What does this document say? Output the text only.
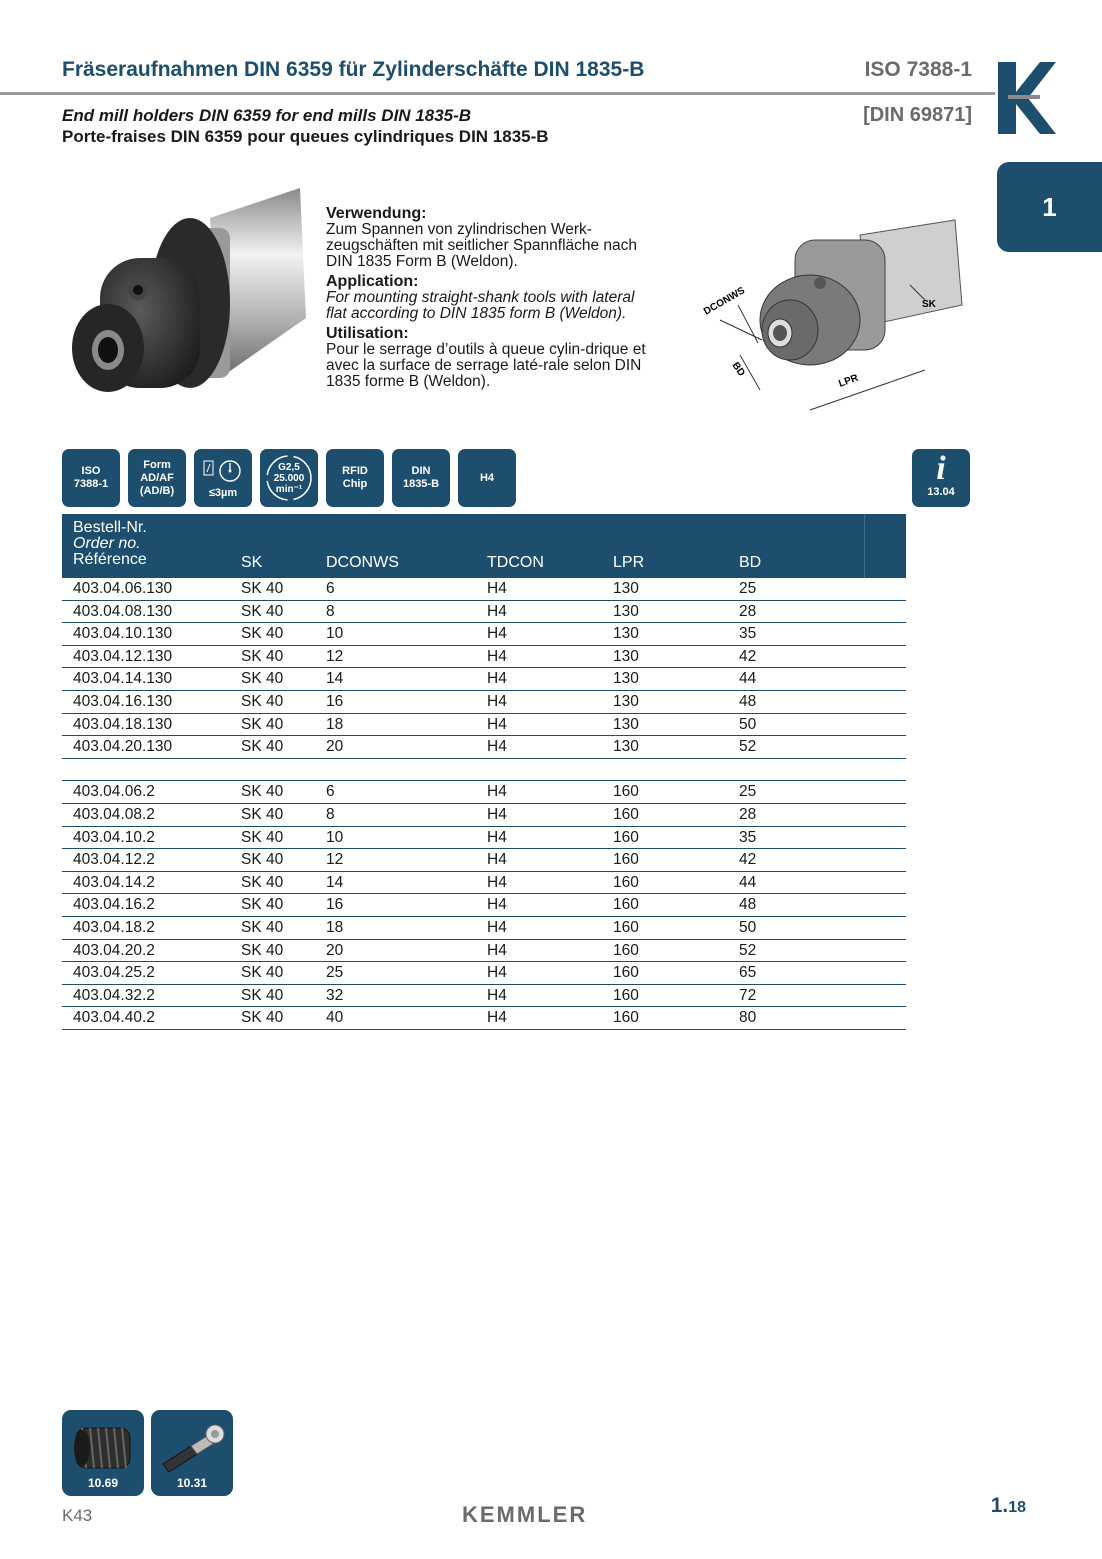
Fräseraufnahmen DIN 6359 für Zylinderschäfte DIN 1835-B	ISO 7388-1
End mill holders DIN 6359 for end mills DIN 1835-B
Porte-fraises DIN 6359 pour queues cylindriques DIN 1835-B
[DIN 69871]
1

Verwendung:

Zum Spannen von zylindrischen Werk-zeugschäften mit seitlicher Spannfläche nach DIN 1835 Form B (Weldon).

Application:

For mounting straight-shank tools with lateral flat according to DIN 1835 form B (Weldon).

Utilisation:

Pour le serrage d’outils à queue cylin-drique et avec la surface de serrage laté-rale selon DIN 1835 forme B (Weldon).

DCONWS
BD
LPR
SK
ISO
7388-1
Form
AD/AF
(AD/B)	≤3µm
G2,5
25.000
min⁻¹
RFID
Chip
DIN
1835-B
H4	i
13.04
Bestell-Nr.
Order no.
Référence	SK	DCONWS	TDCON	LPR	BD
403.04.06.130	SK 40	6	H4	130	25
403.04.08.130	SK 40	8	H4	130	28
403.04.10.130	SK 40	10	H4	130	35
403.04.12.130	SK 40	12	H4	130	42
403.04.14.130	SK 40	14	H4	130	44
403.04.16.130	SK 40	16	H4	130	48
403.04.18.130	SK 40	18	H4	130	50
403.04.20.130	SK 40	20	H4	130	52
403.04.06.2	SK 40	6	H4	160	25
403.04.08.2	SK 40	8	H4	160	28
403.04.10.2	SK 40	10	H4	160	35
403.04.12.2	SK 40	12	H4	160	42
403.04.14.2	SK 40	14	H4	160	44
403.04.16.2	SK 40	16	H4	160	48
403.04.18.2	SK 40	18	H4	160	50
403.04.20.2	SK 40	20	H4	160	52
403.04.25.2	SK 40	25	H4	160	65
403.04.32.2	SK 40	32	H4	160	72
403.04.40.2	SK 40	40	H4	160	80
10.69	10.31
K43	KEMMLER	1.18
